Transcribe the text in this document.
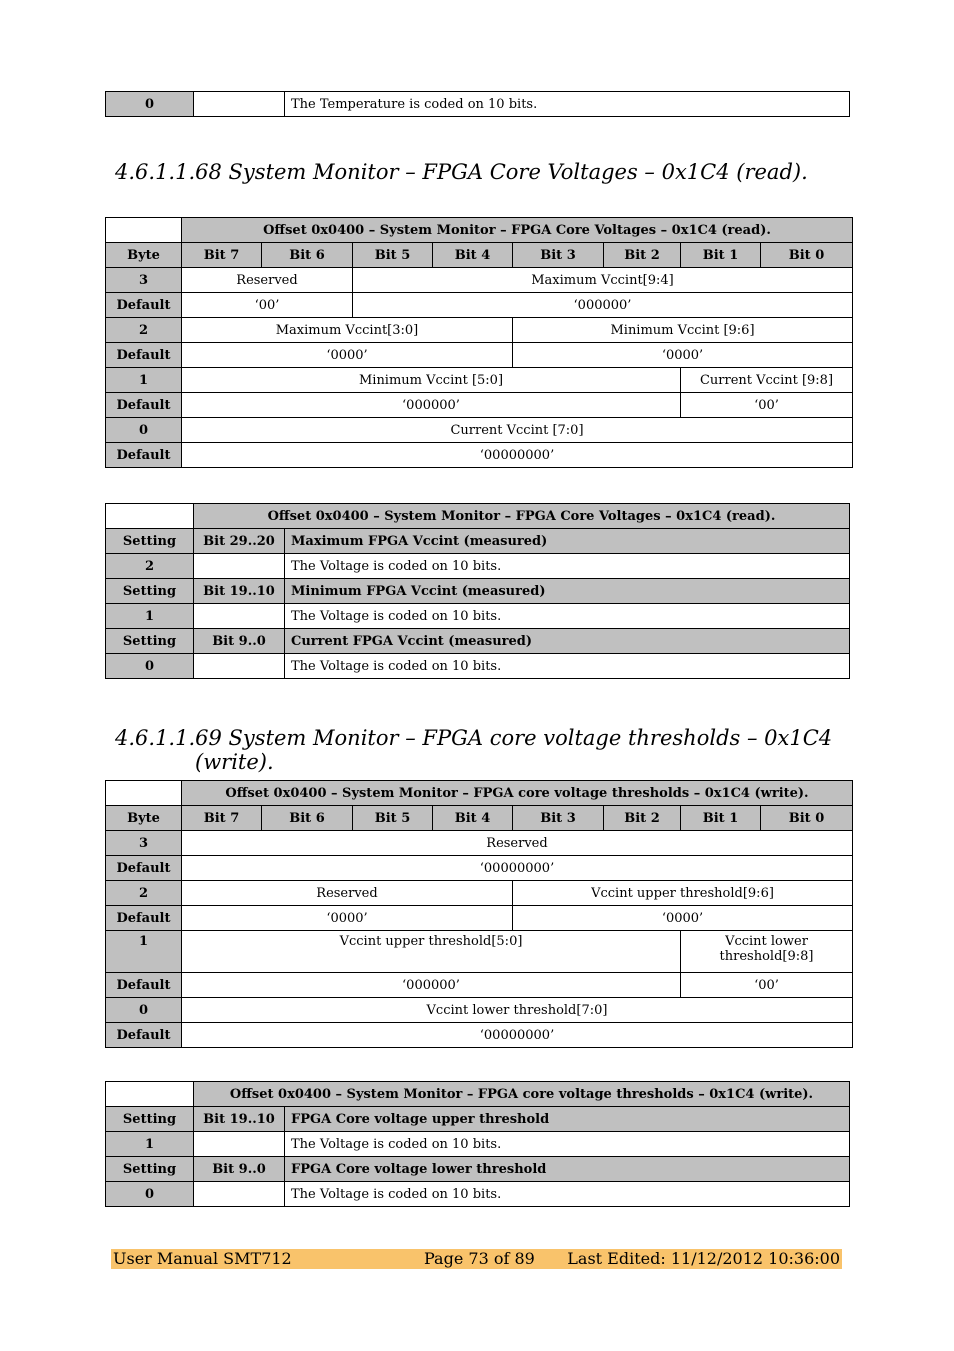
0		The Temperature is coded on 10 bits.
4.6.1.1.68 System Monitor – FPGA Core Voltages – 0x1C4 (read).
	Offset 0x0400 – System Monitor – FPGA Core Voltages – 0x1C4 (read).							
Byte	Bit 7	Bit 6	Bit 5	Bit 4	Bit 3	Bit 2	Bit 1	Bit 0
3	Reserved		Maximum Vccint[9:4]					
Default	‘00’		‘000000’					
2	Maximum Vccint[3:0]				Minimum Vccint [9:6]			
Default	‘0000’				‘0000’			
1	Minimum Vccint [5:0]						Current Vccint [9:8]	
Default	‘000000’						‘00’	
0	Current Vccint [7:0]							
Default	‘00000000’							
	Offset 0x0400 – System Monitor – FPGA Core Voltages – 0x1C4 (read).	
Setting	Bit 29..20	Maximum FPGA Vccint (measured)
2		The Voltage is coded on 10 bits.
Setting	Bit 19..10	Minimum FPGA Vccint (measured)
1		The Voltage is coded on 10 bits.
Setting	Bit 9..0	Current FPGA Vccint (measured)
0		The Voltage is coded on 10 bits.
4.6.1.1.69 System Monitor – FPGA core voltage thresholds – 0x1C4
(write).
	Offset 0x0400 – System Monitor – FPGA core voltage thresholds – 0x1C4 (write).							
Byte	Bit 7	Bit 6	Bit 5	Bit 4	Bit 3	Bit 2	Bit 1	Bit 0
3	Reserved							
Default	‘00000000’							
2	Reserved				Vccint upper threshold[9:6]			
Default	‘0000’				‘0000’			
1	Vccint upper threshold[5:0]						Vccint lower threshold[9:8]	
Default	‘000000’						‘00’	
0	Vccint lower threshold[7:0]							
Default	‘00000000’							
	Offset 0x0400 – System Monitor – FPGA core voltage thresholds – 0x1C4 (write).	
Setting	Bit 19..10	FPGA Core voltage upper threshold
1		The Voltage is coded on 10 bits.
Setting	Bit 9..0	FPGA Core voltage lower threshold
0		The Voltage is coded on 10 bits.
User Manual SMT712	Page 73 of 89 Last Edited: 11/12/2012 10:36:00
